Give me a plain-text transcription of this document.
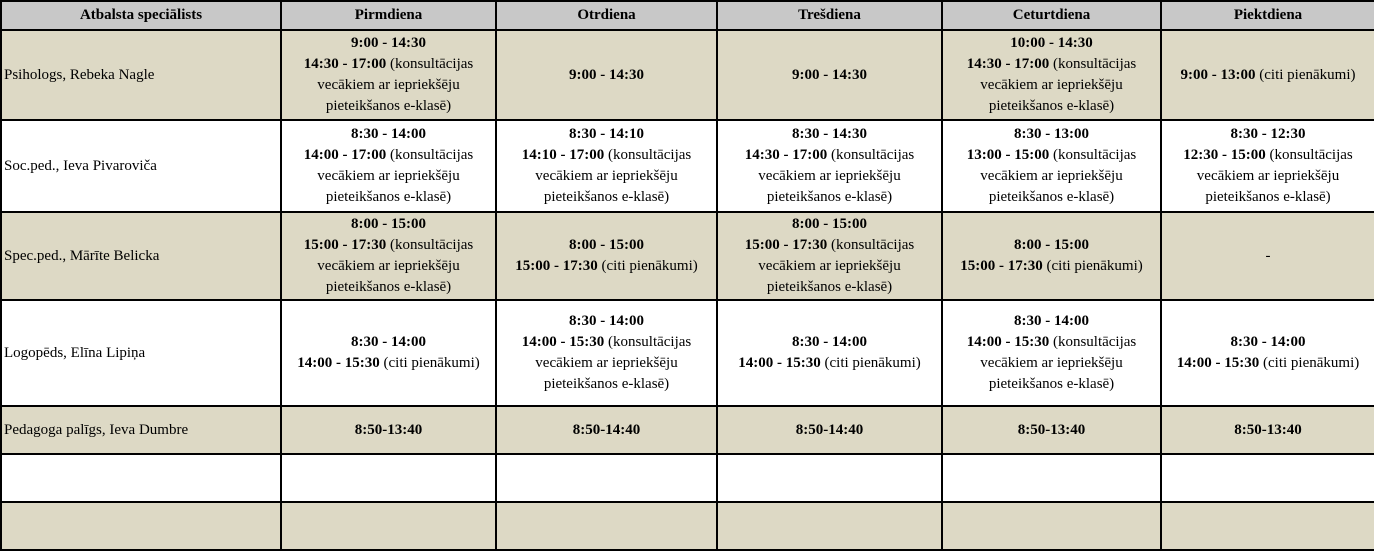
Atbalsta speciālists	Pirmdiena	Otrdiena	Trešdiena	Ceturtdiena	Piektdiena
Psihologs, Rebeka Nagle	9:00 - 14:30
14:30 - 17:00 (konsultācijas
vecākiem ar iepriekšēju
pieteikšanos e-klasē)	9:00 - 14:30	9:00 - 14:30	10:00 - 14:30
14:30 - 17:00 (konsultācijas
vecākiem ar iepriekšēju
pieteikšanos e-klasē)	9:00 - 13:00 (citi pienākumi)

Soc.ped., Ieva Pivaroviča	8:30 - 14:00
14:00 - 17:00 (konsultācijas
vecākiem ar iepriekšēju
pieteikšanos e-klasē)	8:30 - 14:10
14:10 - 17:00 (konsultācijas
vecākiem ar iepriekšēju
pieteikšanos e-klasē)	8:30 - 14:30
14:30 - 17:00 (konsultācijas
vecākiem ar iepriekšēju
pieteikšanos e-klasē)	8:30 - 13:00
13:00 - 15:00 (konsultācijas
vecākiem ar iepriekšēju
pieteikšanos e-klasē)	8:30 - 12:30
12:30 - 15:00 (konsultācijas
vecākiem ar iepriekšēju
pieteikšanos e-klasē)

Spec.ped., Mārīte Belicka	8:00 - 15:00
15:00 - 17:30 (konsultācijas
vecākiem ar iepriekšēju
pieteikšanos e-klasē)	8:00 - 15:00
15:00 - 17:30 (citi pienākumi)	8:00 - 15:00
15:00 - 17:30 (konsultācijas
vecākiem ar iepriekšēju
pieteikšanos e-klasē)	8:00 - 15:00
15:00 - 17:30 (citi pienākumi)	-

Logopēds, Elīna Lipiņa	8:30 - 14:00
14:00 - 15:30 (citi pienākumi)	8:30 - 14:00
14:00 - 15:30 (konsultācijas
vecākiem ar iepriekšēju
pieteikšanos e-klasē)	8:30 - 14:00
14:00 - 15:30 (citi pienākumi)	8:30 - 14:00
14:00 - 15:30 (konsultācijas
vecākiem ar iepriekšēju
pieteikšanos e-klasē)	8:30 - 14:00
14:00 - 15:30 (citi pienākumi)

Pedagoga palīgs, Ieva Dumbre	8:50-13:40	8:50-14:40	8:50-14:40	8:50-13:40	8:50-13:40
